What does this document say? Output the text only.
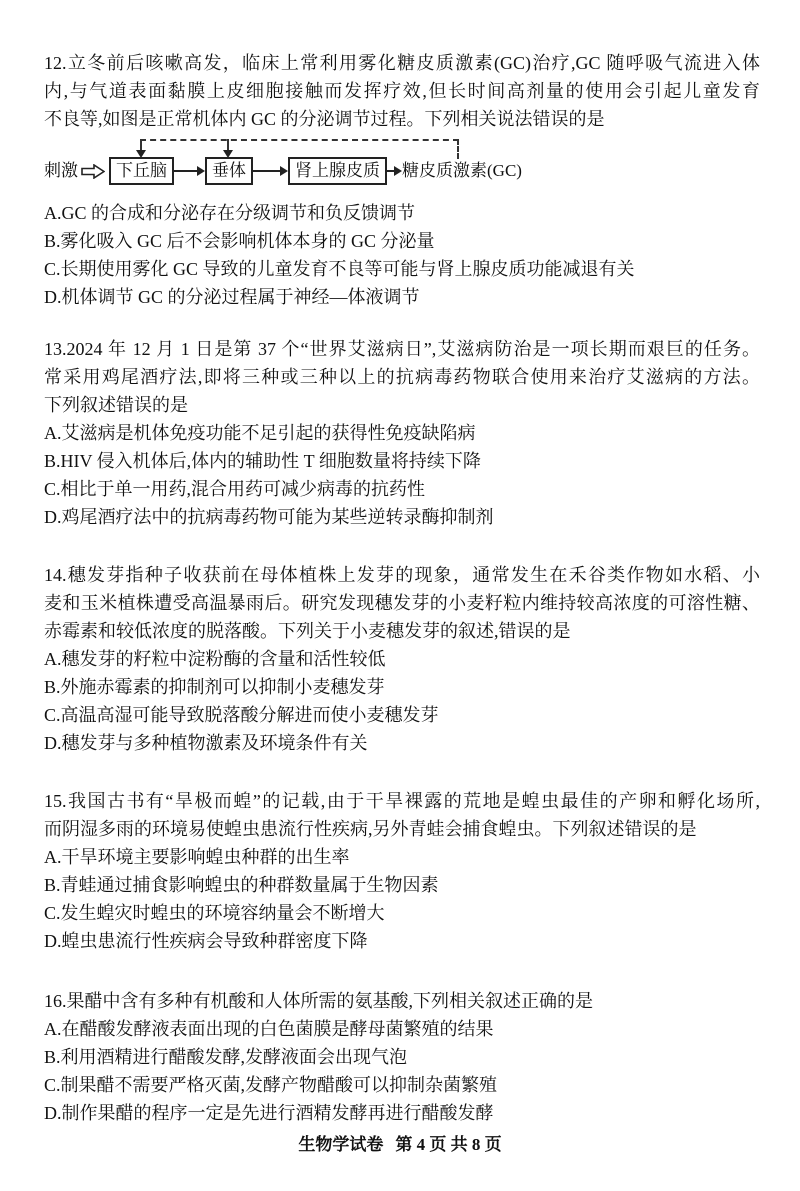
12.立冬前后咳嗽高发，临床上常利用雾化糖皮质激素(GC)治疗,GC 随呼吸气流进入体
内,与气道表面黏膜上皮细胞接触而发挥疗效,但长时间高剂量的使用会引起儿童发育
不良等,如图是正常机体内 GC 的分泌调节过程。下列相关说法错误的是
刺激	下丘脑	垂体	肾上腺皮质	糖皮质激素(GC)
A.GC 的合成和分泌存在分级调节和负反馈调节
B.雾化吸入 GC 后不会影响机体本身的 GC 分泌量
C.长期使用雾化 GC 导致的儿童发育不良等可能与肾上腺皮质功能减退有关
D.机体调节 GC 的分泌过程属于神经—体液调节
13.2024 年 12 月 1 日是第 37 个“世界艾滋病日”,艾滋病防治是一项长期而艰巨的任务。
常采用鸡尾酒疗法,即将三种或三种以上的抗病毒药物联合使用来治疗艾滋病的方法。
下列叙述错误的是
A.艾滋病是机体免疫功能不足引起的获得性免疫缺陷病
B.HIV 侵入机体后,体内的辅助性 T 细胞数量将持续下降
C.相比于单一用药,混合用药可减少病毒的抗药性
D.鸡尾酒疗法中的抗病毒药物可能为某些逆转录酶抑制剂
14.穗发芽指种子收获前在母体植株上发芽的现象，通常发生在禾谷类作物如水稻、小
麦和玉米植株遭受高温暴雨后。研究发现穗发芽的小麦籽粒内维持较高浓度的可溶性糖、
赤霉素和较低浓度的脱落酸。下列关于小麦穗发芽的叙述,错误的是
A.穗发芽的籽粒中淀粉酶的含量和活性较低
B.外施赤霉素的抑制剂可以抑制小麦穗发芽
C.高温高湿可能导致脱落酸分解进而使小麦穗发芽
D.穗发芽与多种植物激素及环境条件有关
15.我国古书有“旱极而蝗”的记载,由于干旱裸露的荒地是蝗虫最佳的产卵和孵化场所,
而阴湿多雨的环境易使蝗虫患流行性疾病,另外青蛙会捕食蝗虫。下列叙述错误的是
A.干旱环境主要影响蝗虫种群的出生率
B.青蛙通过捕食影响蝗虫的种群数量属于生物因素
C.发生蝗灾时蝗虫的环境容纳量会不断增大
D.蝗虫患流行性疾病会导致种群密度下降
16.果醋中含有多种有机酸和人体所需的氨基酸,下列相关叙述正确的是
A.在醋酸发酵液表面出现的白色菌膜是酵母菌繁殖的结果
B.利用酒精进行醋酸发酵,发酵液面会出现气泡
C.制果醋不需要严格灭菌,发酵产物醋酸可以抑制杂菌繁殖
D.制作果醋的程序一定是先进行酒精发酵再进行醋酸发酵
生物学试卷 第 4 页 共 8 页
